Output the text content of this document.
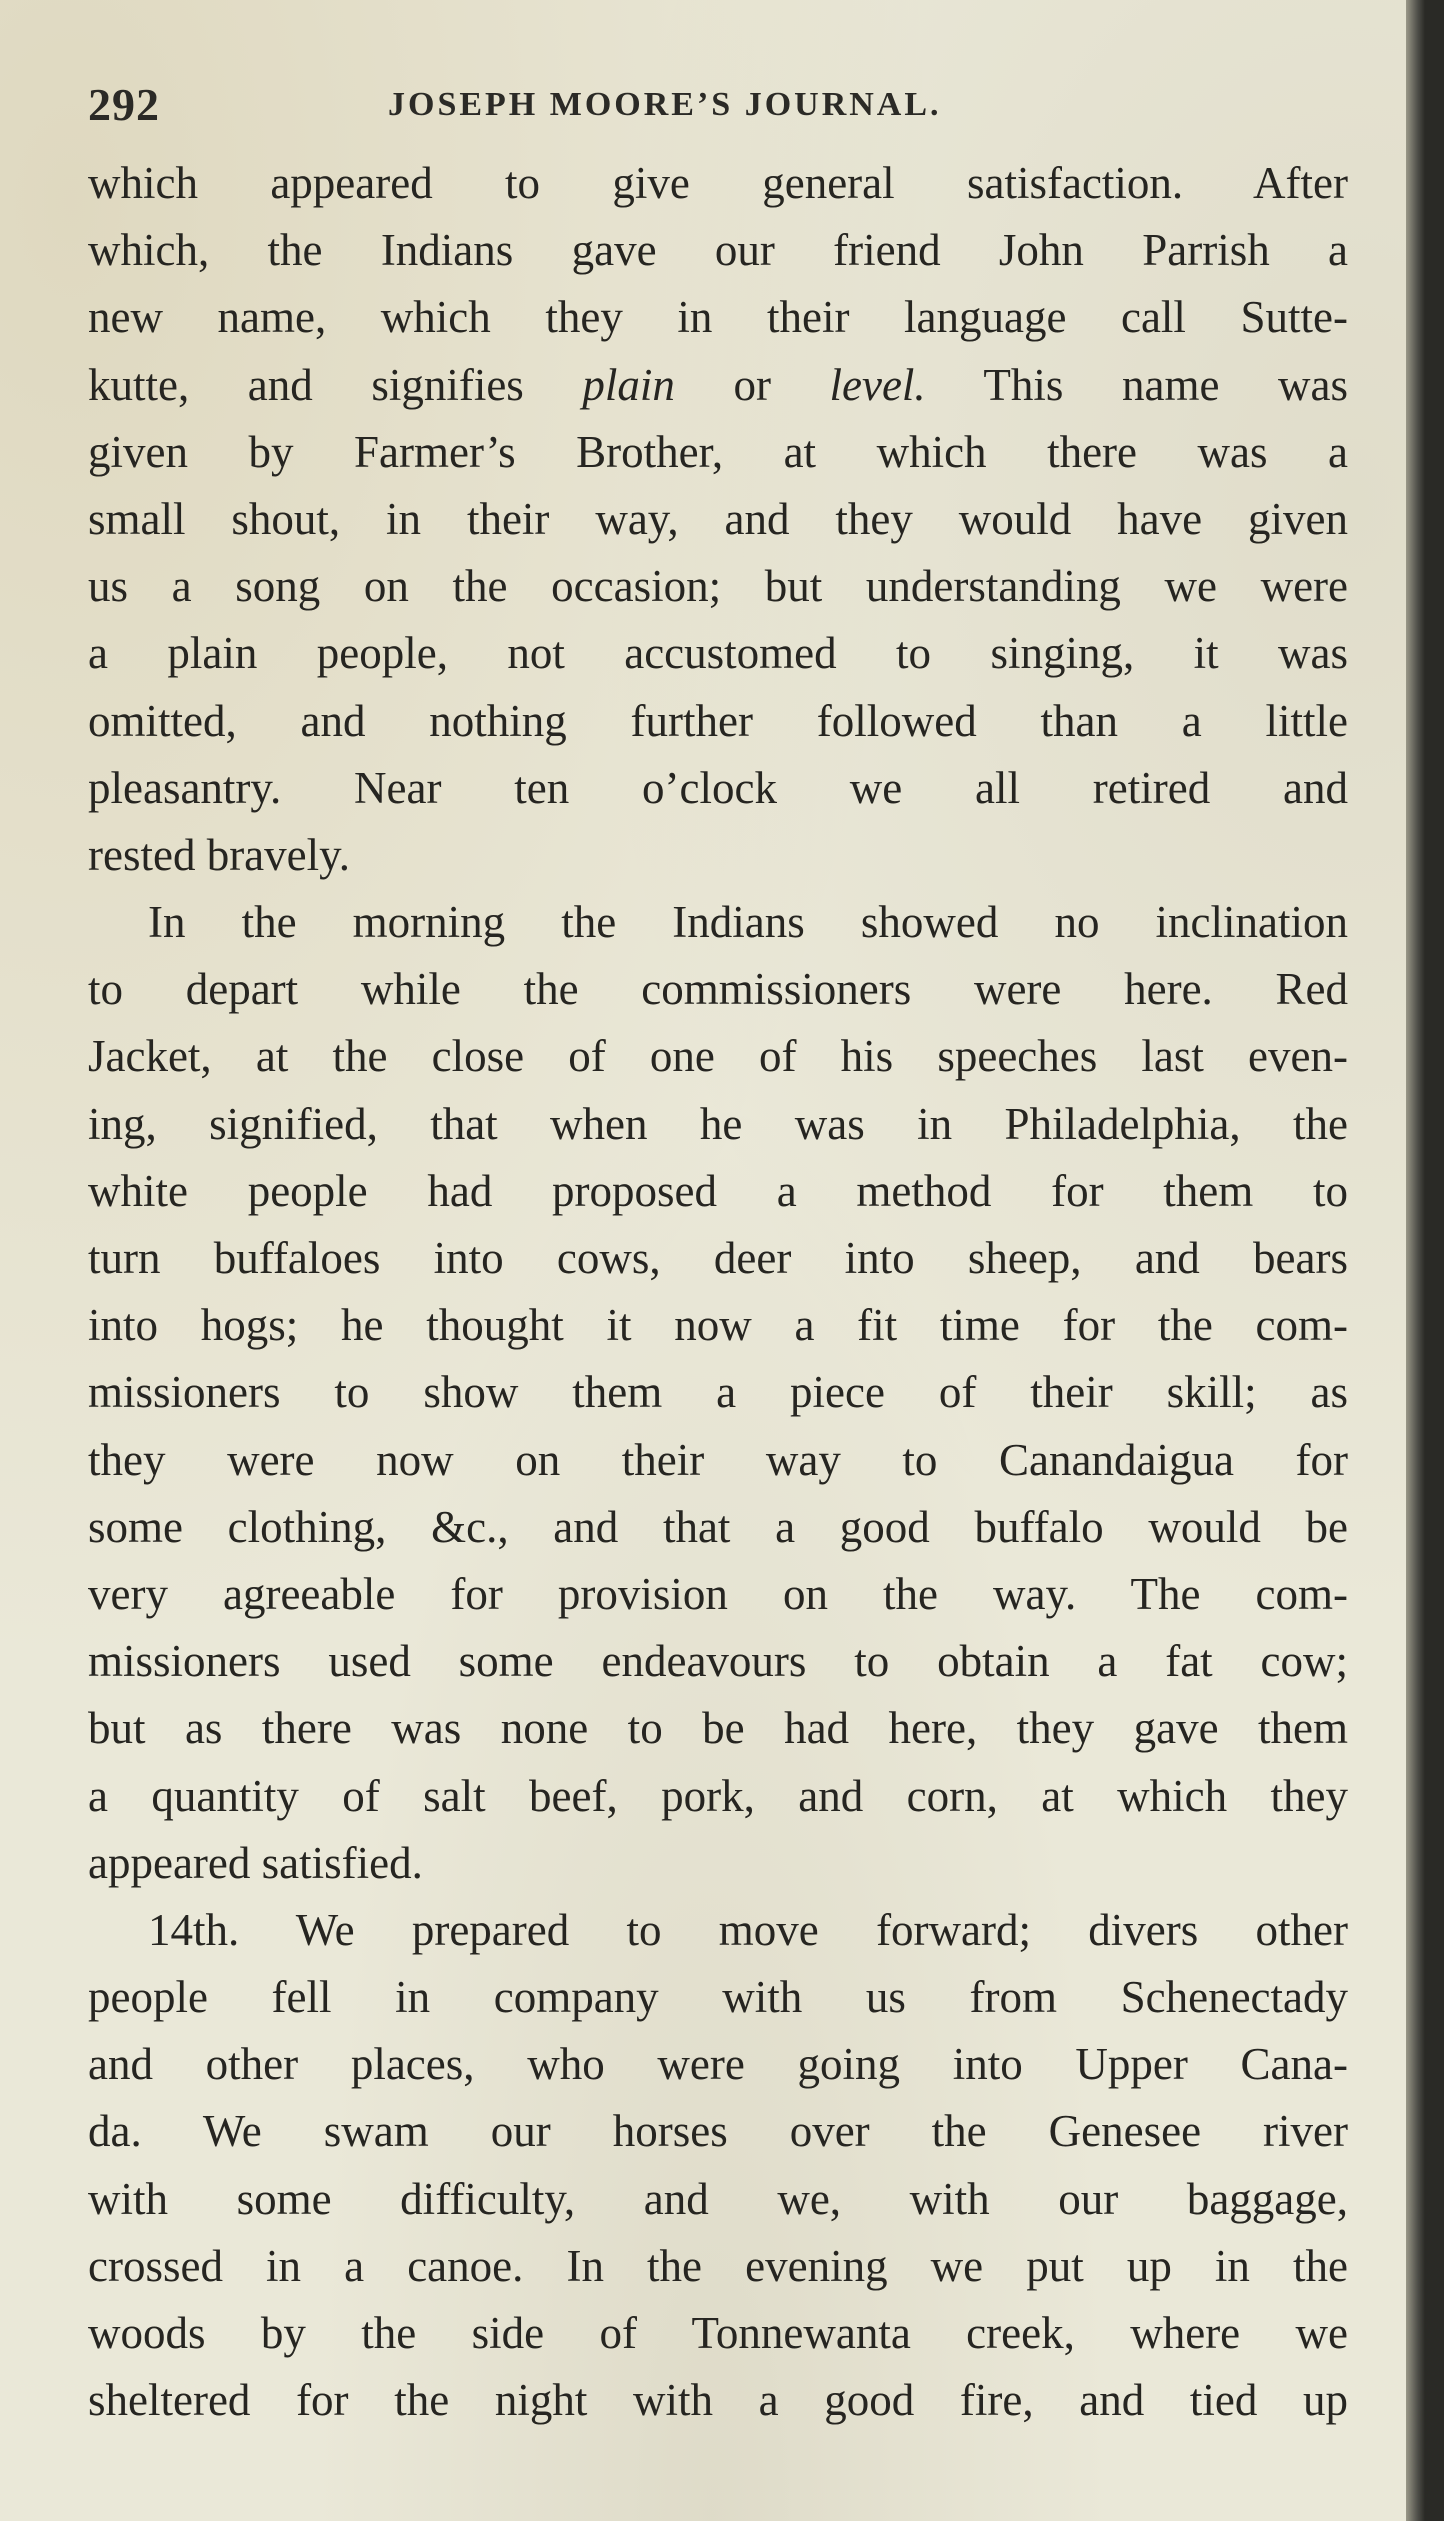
292	JOSEPH MOORE’S JOURNAL.
which appeared to give general satisfaction. After
which, the Indians gave our friend John Parrish a
new name, which they in their language call Sutte-
kutte, and signifies plain or level. This name was
given by Farmer’s Brother, at which there was a
small shout, in their way, and they would have given
us a song on the occasion; but understanding we were
a plain people, not accustomed to singing, it was
omitted, and nothing further followed than a little
pleasantry. Near ten o’clock we all retired and
rested bravely.
In the morning the Indians showed no inclination
to depart while the commissioners were here. Red
Jacket, at the close of one of his speeches last even-
ing, signified, that when he was in Philadelphia, the
white people had proposed a method for them to
turn buffaloes into cows, deer into sheep, and bears
into hogs; he thought it now a fit time for the com-
missioners to show them a piece of their skill; as
they were now on their way to Canandaigua for
some clothing, &c., and that a good buffalo would be
very agreeable for provision on the way. The com-
missioners used some endeavours to obtain a fat cow;
but as there was none to be had here, they gave them
a quantity of salt beef, pork, and corn, at which they
appeared satisfied.
14th. We prepared to move forward; divers other
people fell in company with us from Schenectady
and other places, who were going into Upper Cana-
da. We swam our horses over the Genesee river
with some difficulty, and we, with our baggage,
crossed in a canoe. In the evening we put up in the
woods by the side of Tonnewanta creek, where we
sheltered for the night with a good fire, and tied up
